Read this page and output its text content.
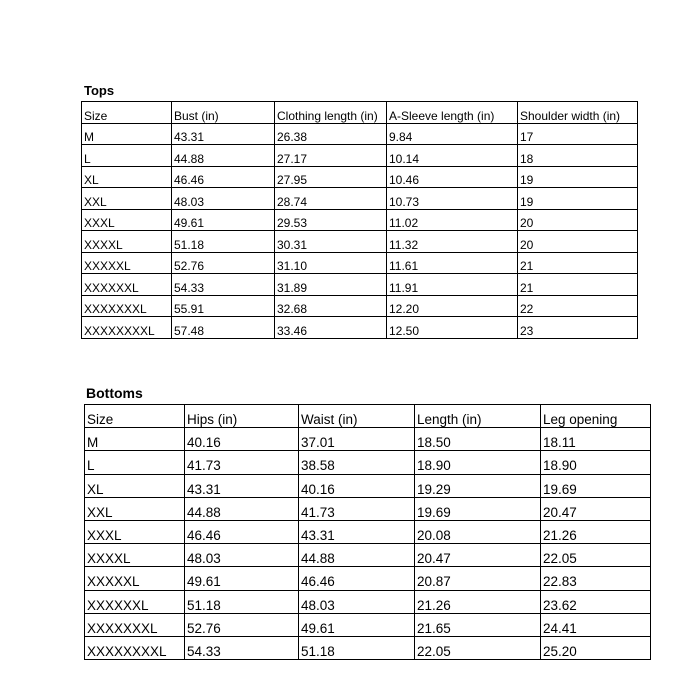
Tops
Size	Bust (in)	Clothing length (in)	A-Sleeve length (in)	Shoulder width (in)
M	43.31	26.38	9.84	17
L	44.88	27.17	10.14	18
XL	46.46	27.95	10.46	19
XXL	48.03	28.74	10.73	19
XXXL	49.61	29.53	11.02	20
XXXXL	51.18	30.31	11.32	20
XXXXXL	52.76	31.10	11.61	21
XXXXXXL	54.33	31.89	11.91	21
XXXXXXXL	55.91	32.68	12.20	22
XXXXXXXXL	57.48	33.46	12.50	23
Bottoms
Size	Hips (in)	Waist (in)	Length (in)	Leg opening
M	40.16	37.01	18.50	18.11
L	41.73	38.58	18.90	18.90
XL	43.31	40.16	19.29	19.69
XXL	44.88	41.73	19.69	20.47
XXXL	46.46	43.31	20.08	21.26
XXXXL	48.03	44.88	20.47	22.05
XXXXXL	49.61	46.46	20.87	22.83
XXXXXXL	51.18	48.03	21.26	23.62
XXXXXXXL	52.76	49.61	21.65	24.41
XXXXXXXXL	54.33	51.18	22.05	25.20
